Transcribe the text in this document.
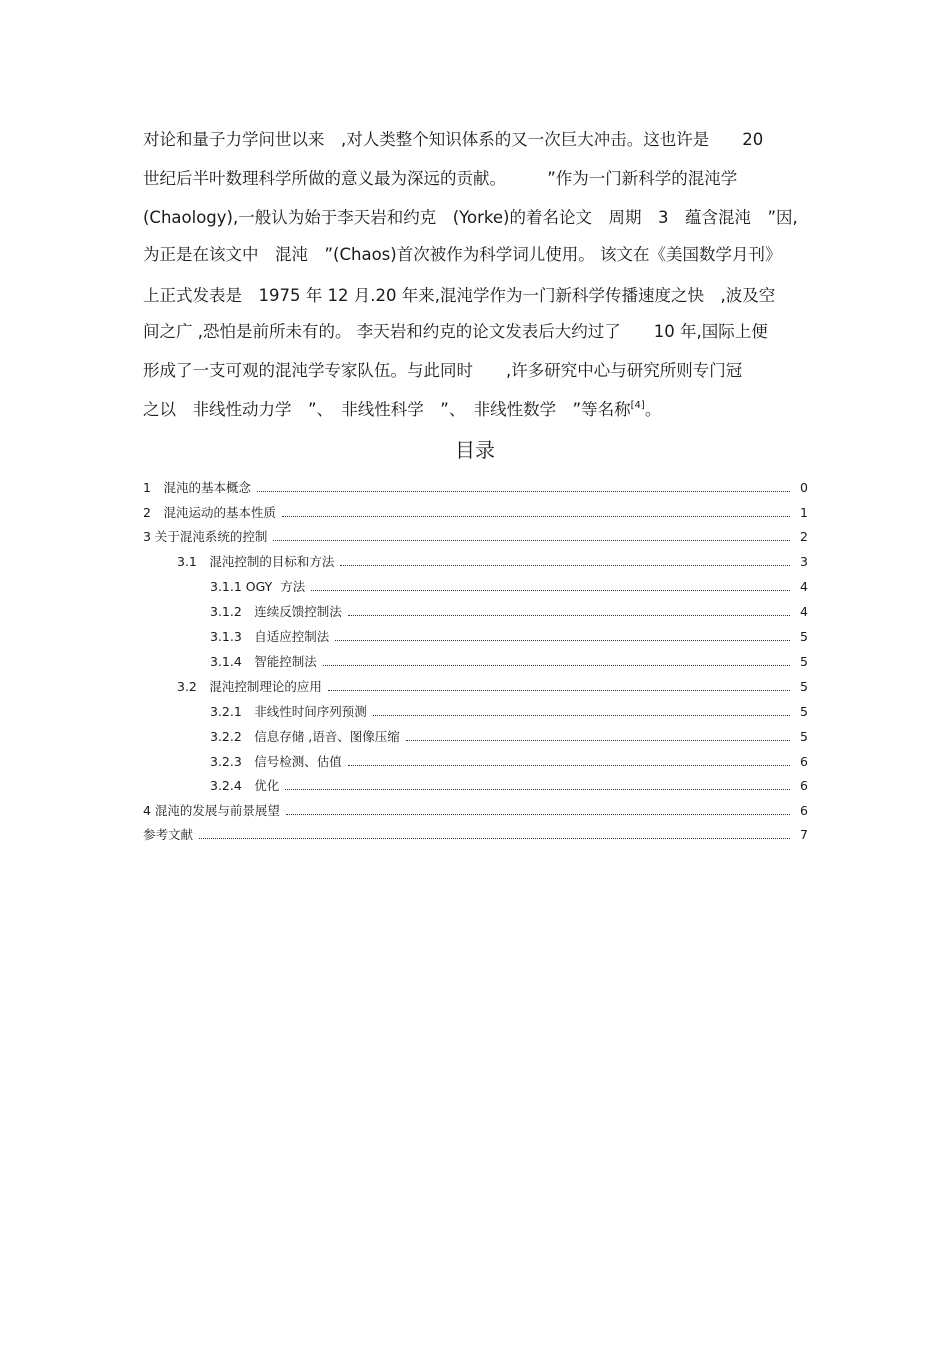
对论和量子力学问世以来　,对人类整个知识体系的又一次巨大冲击。这也许是　　20
世纪后半叶数理科学所做的意义最为深远的贡献。　　　”作为一门新科学的混沌学
(Chaology),一般认为始于李天岩和约克　(Yorke)的着名论文　周期　3　蕴含混沌　”因,
为正是在该文中　混沌　”(Chaos)首次被作为科学词儿使用。 该文在《美国数学月刊》
上正式发表是　1975 年 12 月.20 年来,混沌学作为一门新科学传播速度之快　,波及空
间之广 ,恐怕是前所未有的。 李天岩和约克的论文发表后大约过了　　10 年,国际上便
形成了一支可观的混沌学专家队伍。与此同时　　,许多研究中心与研究所则专门冠
之以　非线性动力学　”、　非线性科学　”、　非线性数学　”等名称[4]。
目录
1　混沌的基本概念	0
2　混沌运动的基本性质	1
3 关于混沌系统的控制	2
3.1　混沌控制的目标和方法	3
3.1.1 OGY  方法	4
3.1.2　连续反馈控制法	4
3.1.3　自适应控制法	5
3.1.4　智能控制法	5
3.2　混沌控制理论的应用	5
3.2.1　非线性时间序列预测	5
3.2.2　信息存储 ,语音、图像压缩	5
3.2.3　信号检测、估值	6
3.2.4　优化	6
4 混沌的发展与前景展望	6
参考文献	7
